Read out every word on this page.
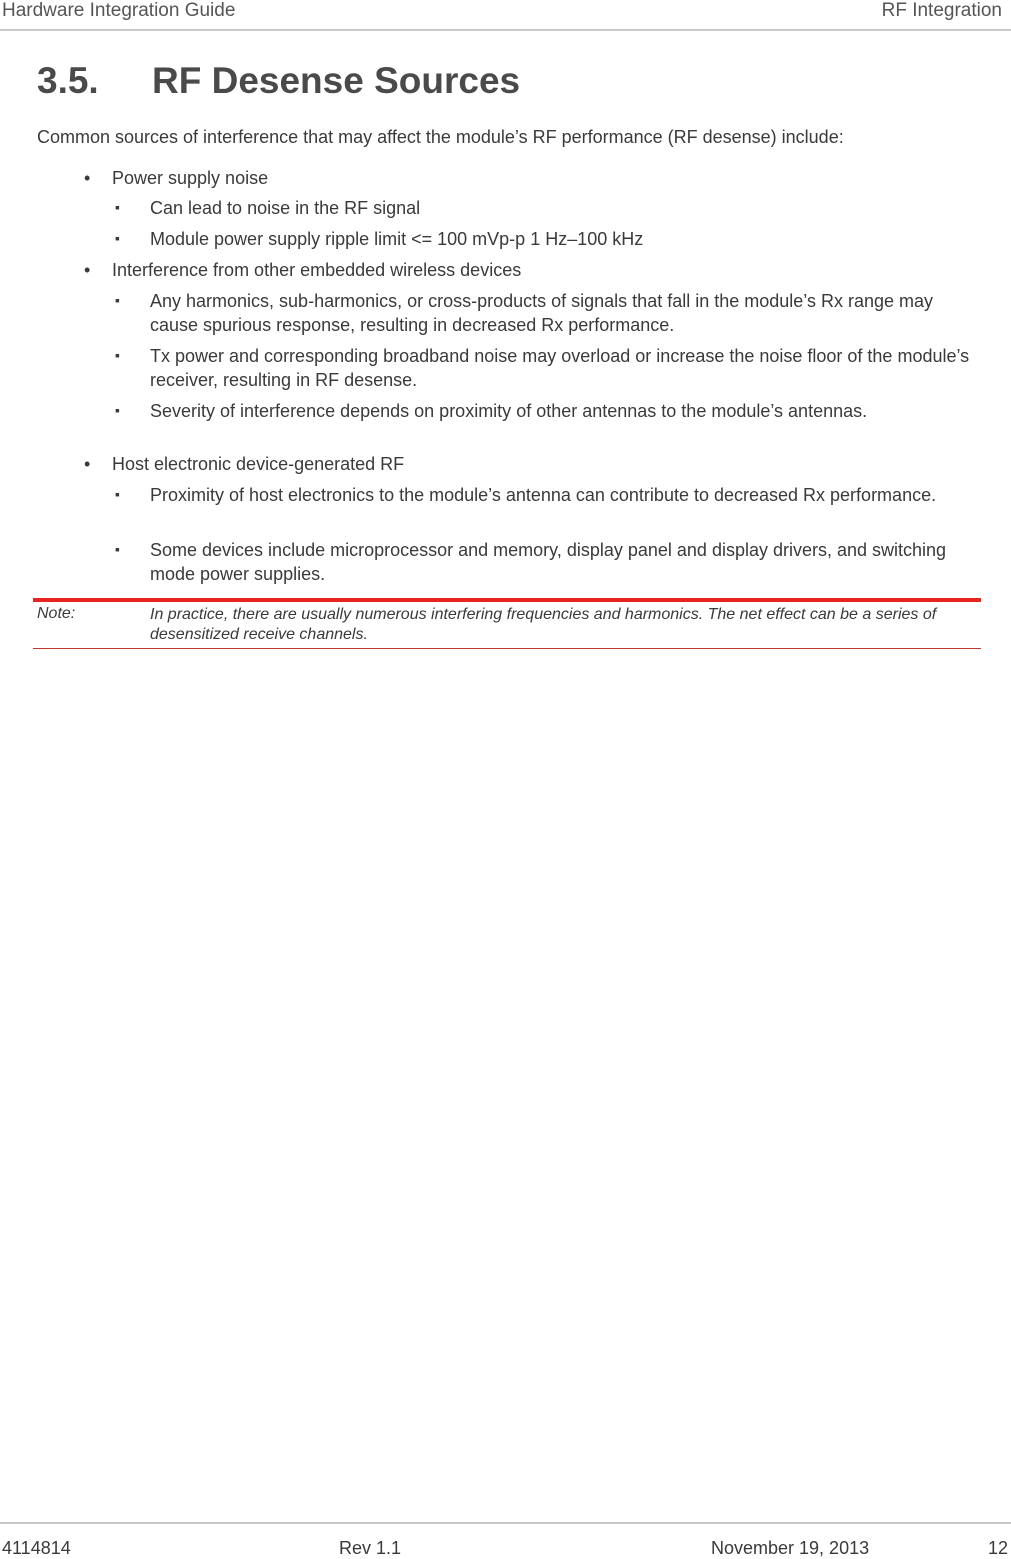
Hardware Integration Guide	RF Integration
3.5. RF Desense Sources
Common sources of interference that may affect the module’s RF performance (RF desense) include:
• Power supply noise
▪ Can lead to noise in the RF signal
▪ Module power supply ripple limit <= 100 mVp-p 1 Hz–100 kHz
• Interference from other embedded wireless devices
▪ Any harmonics, sub-harmonics, or cross-products of signals that fall in the module’s Rx range may cause spurious response, resulting in decreased Rx performance.
▪ Tx power and corresponding broadband noise may overload or increase the noise floor of the module’s receiver, resulting in RF desense.
▪ Severity of interference depends on proximity of other antennas to the module’s antennas.
• Host electronic device-generated RF
▪ Proximity of host electronics to the module’s antenna can contribute to decreased Rx performance.
▪ Some devices include microprocessor and memory, display panel and display drivers, and switching mode power supplies.
Note:	In practice, there are usually numerous interfering frequencies and harmonics. The net effect can be a series of desensitized receive channels.
4114814	Rev 1.1	November 19, 2013	12
